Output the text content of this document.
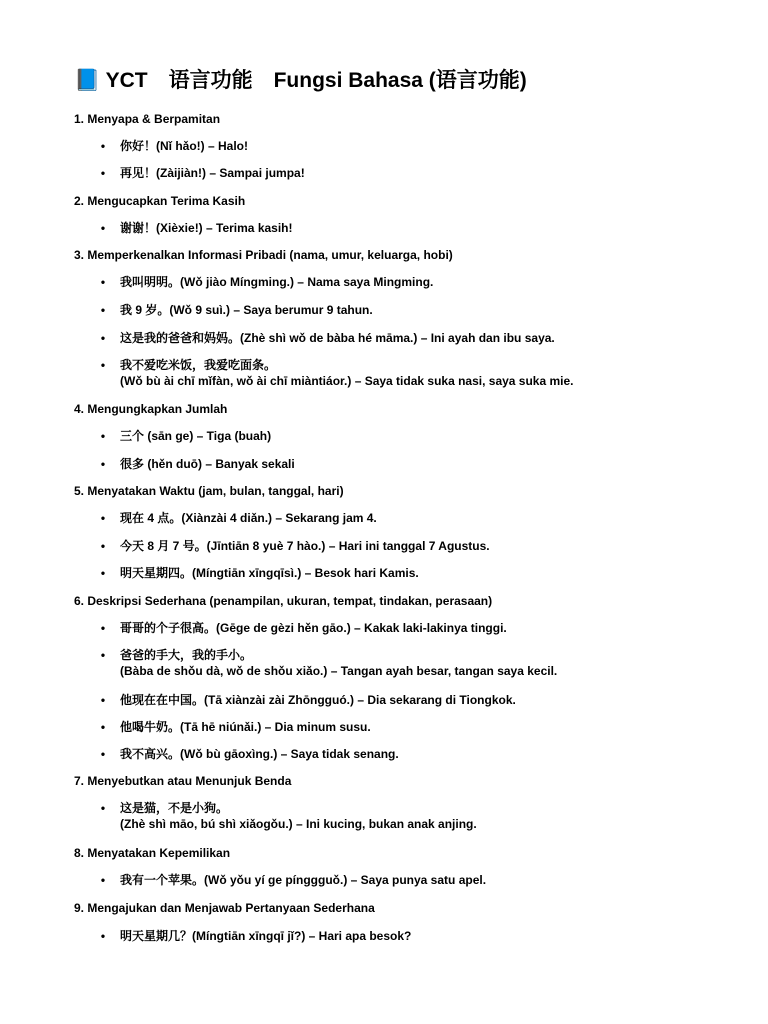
📘 YCT　语言功能　Fungsi Bahasa (语言功能)
1. Menyapa & Berpamitan
•	你好！(Nǐ hǎo!) – Halo!
•	再见！(Zàijiàn!) – Sampai jumpa!
2. Mengucapkan Terima Kasih
•	谢谢！(Xièxie!) – Terima kasih!
3. Memperkenalkan Informasi Pribadi (nama, umur, keluarga, hobi)
•	我叫明明。(Wǒ jiào Míngming.) – Nama saya Mingming.
•	我 9 岁。(Wǒ 9 suì.) – Saya berumur 9 tahun.
•	这是我的爸爸和妈妈。(Zhè shì wǒ de bàba hé māma.) – Ini ayah dan ibu saya.
•	我不爱吃米饭，我爱吃面条。
(Wǒ bù ài chī mǐfàn, wǒ ài chī miàntiáor.) – Saya tidak suka nasi, saya suka mie.
4. Mengungkapkan Jumlah
•	三个 (sān ge) – Tiga (buah)
•	很多 (hěn duō) – Banyak sekali
5. Menyatakan Waktu (jam, bulan, tanggal, hari)
•	现在 4 点。(Xiànzài 4 diǎn.) – Sekarang jam 4.
•	今天 8 月 7 号。(Jīntiān 8 yuè 7 hào.) – Hari ini tanggal 7 Agustus.
•	明天星期四。(Míngtiān xīngqīsì.) – Besok hari Kamis.
6. Deskripsi Sederhana (penampilan, ukuran, tempat, tindakan, perasaan)
•	哥哥的个子很高。(Gēge de gèzi hěn gāo.) – Kakak laki-lakinya tinggi.
•	爸爸的手大，我的手小。
(Bàba de shǒu dà, wǒ de shǒu xiǎo.) – Tangan ayah besar, tangan saya kecil.
•	他现在在中国。(Tā xiànzài zài Zhōngguó.) – Dia sekarang di Tiongkok.
•	他喝牛奶。(Tā hē niúnǎi.) – Dia minum susu.
•	我不高兴。(Wǒ bù gāoxìng.) – Saya tidak senang.
7. Menyebutkan atau Menunjuk Benda
•	这是猫，不是小狗。
(Zhè shì māo, bú shì xiǎogǒu.) – Ini kucing, bukan anak anjing.
8. Menyatakan Kepemilikan
•	我有一个苹果。(Wǒ yǒu yí ge pínggguǒ.) – Saya punya satu apel.
9. Mengajukan dan Menjawab Pertanyaan Sederhana
•	明天星期几？(Míngtiān xīngqī jǐ?) – Hari apa besok?
